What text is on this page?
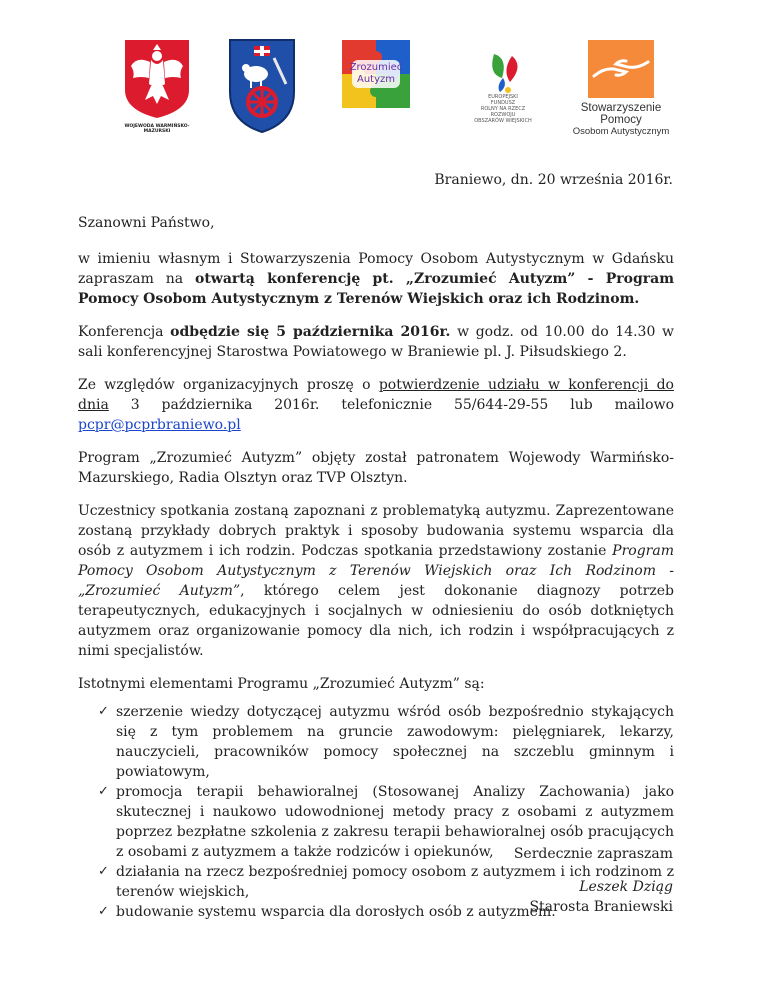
WOJEWODA WARMIŃSKO-MAZURSKI
Zrozumieć
Autyzm
EUROPEJSKI
FUNDUSZ
ROLNY NA RZECZ
ROZWOJU
OBSZARÓW WIEJSKICH
Stowarzyszenie Pomocy
Osobom Autystycznym
Braniewo, dn. 20 września 2016r.
Szanowni Państwo,

w imieniu własnym i Stowarzyszenia Pomocy Osobom Autystycznym w Gdańsku zapraszam na otwartą konferencję pt. „Zrozumieć Autyzm” - Program Pomocy Osobom Autystycznym z Terenów Wiejskich oraz ich Rodzinom.

Konferencja odbędzie się 5 października 2016r. w godz. od 10.00 do 14.30 w sali konferencyjnej Starostwa Powiatowego w Braniewie pl. J. Piłsudskiego 2.

Ze względów organizacyjnych proszę o potwierdzenie udziału w konferencji do dnia 3 października 2016r. telefonicznie 55/644-29-55 lub mailowo pcpr@pcprbraniewo.pl

Program „Zrozumieć Autyzm” objęty został patronatem Wojewody Warmińsko-Mazurskiego, Radia Olsztyn oraz TVP Olsztyn.

Uczestnicy spotkania zostaną zapoznani z problematyką autyzmu. Zaprezentowane zostaną przykłady dobrych praktyk i sposoby budowania systemu wsparcia dla osób z autyzmem i ich rodzin. Podczas spotkania przedstawiony zostanie Program Pomocy Osobom Autystycznym z Terenów Wiejskich oraz Ich Rodzinom - „Zrozumieć Autyzm”, którego celem jest dokonanie diagnozy potrzeb terapeutycznych, edukacyjnych i socjalnych w odniesieniu do osób dotkniętych autyzmem oraz organizowanie pomocy dla nich, ich rodzin i współpracujących z nimi specjalistów.

Istotnymi elementami Programu „Zrozumieć Autyzm” są:

✓ szerzenie wiedzy dotyczącej autyzmu wśród osób bezpośrednio stykających się z tym problemem na gruncie zawodowym: pielęgniarek, lekarzy, nauczycieli, pracowników pomocy społecznej na szczeblu gminnym i powiatowym,
✓ promocja terapii behawioralnej (Stosowanej Analizy Zachowania) jako skutecznej i naukowo udowodnionej metody pracy z osobami z autyzmem poprzez bezpłatne szkolenia z zakresu terapii behawioralnej osób pracujących z osobami z autyzmem a także rodziców i opiekunów,
✓ działania na rzecz bezpośredniej pomocy osobom z autyzmem i ich rodzinom z terenów wiejskich,
✓ budowanie systemu wsparcia dla dorosłych osób z autyzmem.
Serdecznie zapraszam
Leszek Dziąg
Starosta Braniewski
